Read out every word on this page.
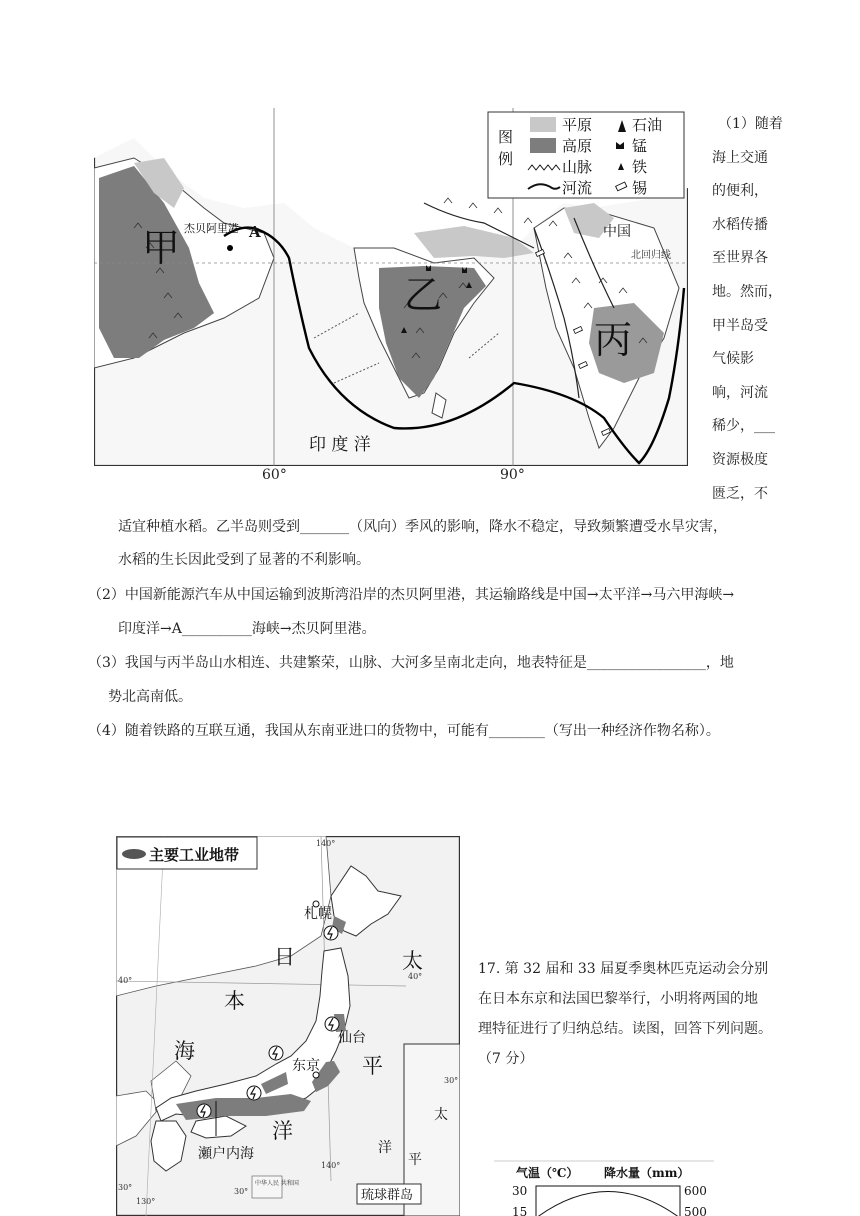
杰贝阿里港 A
甲
乙
丙
中国
北回归线
印 度 洋
图
例
平原	石油
高原	锰
山脉	铁
河流	锡
60°	90°
（1）随着
海上交通
的便利，
水稻传播
至世界各
地。然而，
甲半岛受
气候影
响，河流
稀少，___
资源极度
匮乏，不
适宜种植水稻。乙半岛则受到_______（风向）季风的影响，降水不稳定，导致频繁遭受水旱灾害，
水稻的生长因此受到了显著的不利影响。
（2）中国新能源汽车从中国运输到波斯湾沿岸的杰贝阿里港，其运输路线是中国→太平洋→马六甲海峡→
印度洋→A__________海峡→杰贝阿里港。
（3）我国与丙半岛山水相连、共建繁荣，山脉、大河多呈南北走向，地表特征是_________________，地
势北高南低。
（4）随着铁路的互联互通，我国从东南亚进口的货物中，可能有________（写出一种经济作物名称）。
主要工业地带
札幌
仙台
东京
瀬户内海
日
本
海
太
平
洋
太
平
洋
琉球群岛
中华人民 共和国
40°	40°
30°	30°
30°
140°
140°
130°
17. 第 32 届和 33 届夏季奥林匹克运动会分别
在日本东京和法国巴黎举行，小明将两国的地
理特征进行了归纳总结。读图，回答下列问题。
（7 分）
气温（℃） 降水量（mm）
30
15
600
500
